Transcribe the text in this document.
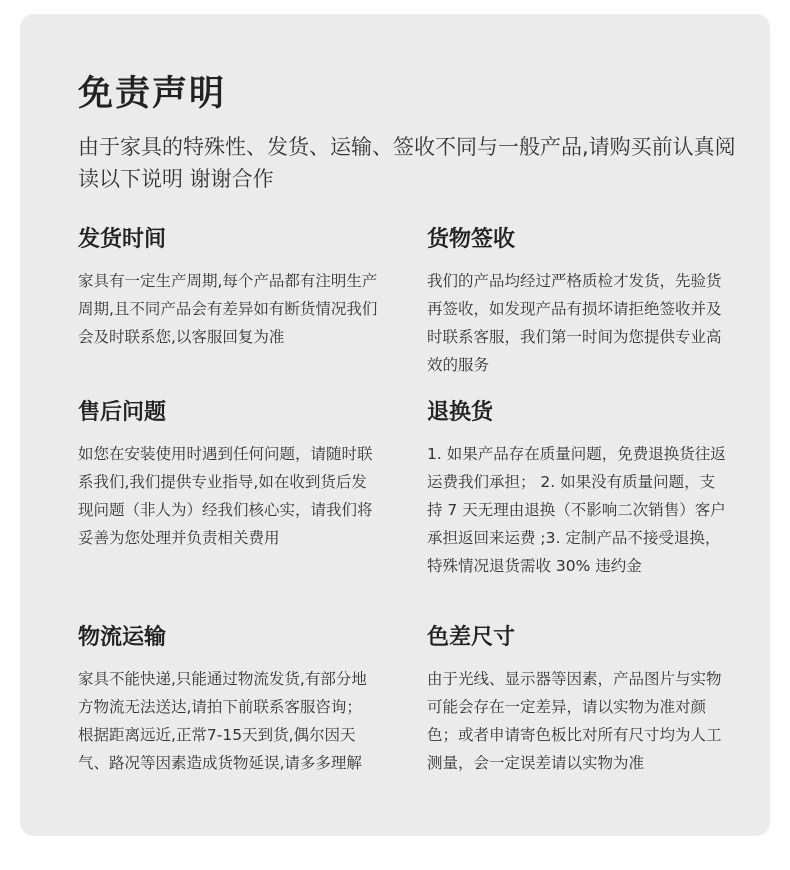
免责声明

由于家具的特殊性、发货、运输、签收不同与一般产品,请购买前认真阅读以下说明 谢谢合作

发货时间

家具有一定生产周期,每个产品都有注明生产周期,且不同产品会有差异如有断货情况我们会及时联系您,以客服回复为准

货物签收

我们的产品均经过严格质检才发货，先验货再签收，如发现产品有损坏请拒绝签收并及时联系客服，我们第一时间为您提供专业高效的服务

售后问题

如您在安装使用时遇到任何问题，请随时联系我们,我们提供专业指导,如在收到货后发现问题（非人为）经我们核心实，请我们将妥善为您处理并负责相关费用

退换货

1. 如果产品存在质量问题，免费退换货往返运费我们承担； 2. 如果没有质量问题，支持 7 天无理由退换（不影响二次销售）客户承担返回来运费 ;3. 定制产品不接受退换，特殊情况退货需收 30% 违约金

物流运输

家具不能快递,只能通过物流发货,有部分地方物流无法送达,请拍下前联系客服咨询； 根据距离远近,正常7-15天到货,偶尔因天气、路况等因素造成货物延误,请多多理解

色差尺寸

由于光线、显示器等因素，产品图片与实物可能会存在一定差异，请以实物为准对颜色；或者申请寄色板比对所有尺寸均为人工测量，会一定误差请以实物为准
